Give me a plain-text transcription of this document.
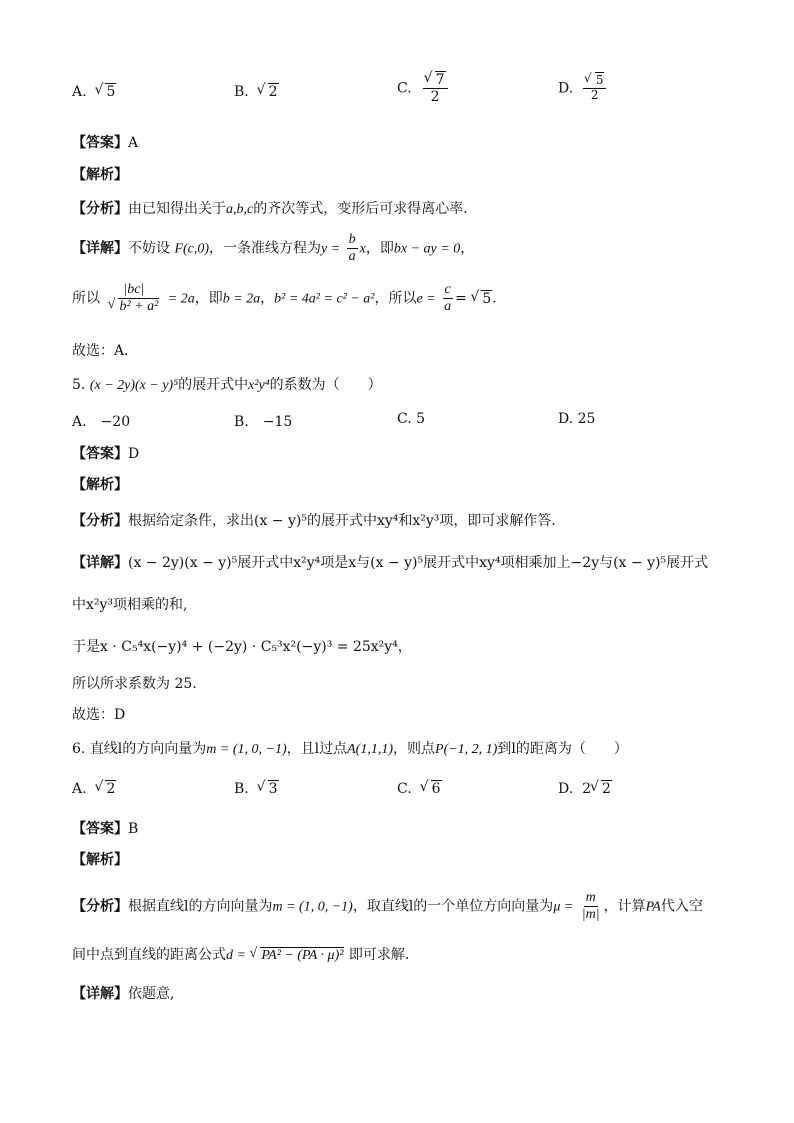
A. √ 5	B. √ 2	C. √ $\frac{7}{2}$	D. √ $\frac{5}{2}$
【答案】A
【解析】
【分析】由已知得出关于a,b,c的齐次等式，变形后可求得离心率．
【详解】不妨设 F(c,0)，一条准线方程为$y = \frac{b}{a}$ x，即bx − ay = 0，
所以 |bc|
√ b² + a² = 2a，即b = 2a，b² = 4a² = c² − a²，所以$e = \frac{c}{a}$ = √ 5．
故选：A．
5. (x − 2y)(x − y)⁵的展开式中x²y⁴的系数为（　　）
A.　−20	B.　−15	C. 5	D. 25
【答案】D
【解析】
【分析】根据给定条件，求出(x − y)⁵的展开式中xy⁴和x²y³项，即可求解作答.
【详解】(x − 2y)(x − y)⁵展开式中x²y⁴项是x与(x − y)⁵展开式中xy⁴项相乘加上−2y与(x − y)⁵展开式
中x²y³项相乘的和,
于是x · C₅⁴x(−y)⁴ + (−2y) · C₅³x²(−y)³ = 25x²y⁴，
所以所求系数为 25.
故选：D
6. 直线l的方向向量为m = (1, 0, −1)，且l过点A(1,1,1)，则点P(−1, 2, 1)到l的距离为（　　）
A. √ 2	B. √ 3	C. √ 6	D. 2 √ 2
【答案】B
【解析】
【分析】根据直线l的方向向量为m = (1, 0, −1)，取直线l的一个单位方向向量为$\mu = \frac{m}{|m|}$ ，计算PA代入空
间中点到直线的距离公式d = √ PA² − (PA · μ)² 即可求解.
【详解】依题意,
